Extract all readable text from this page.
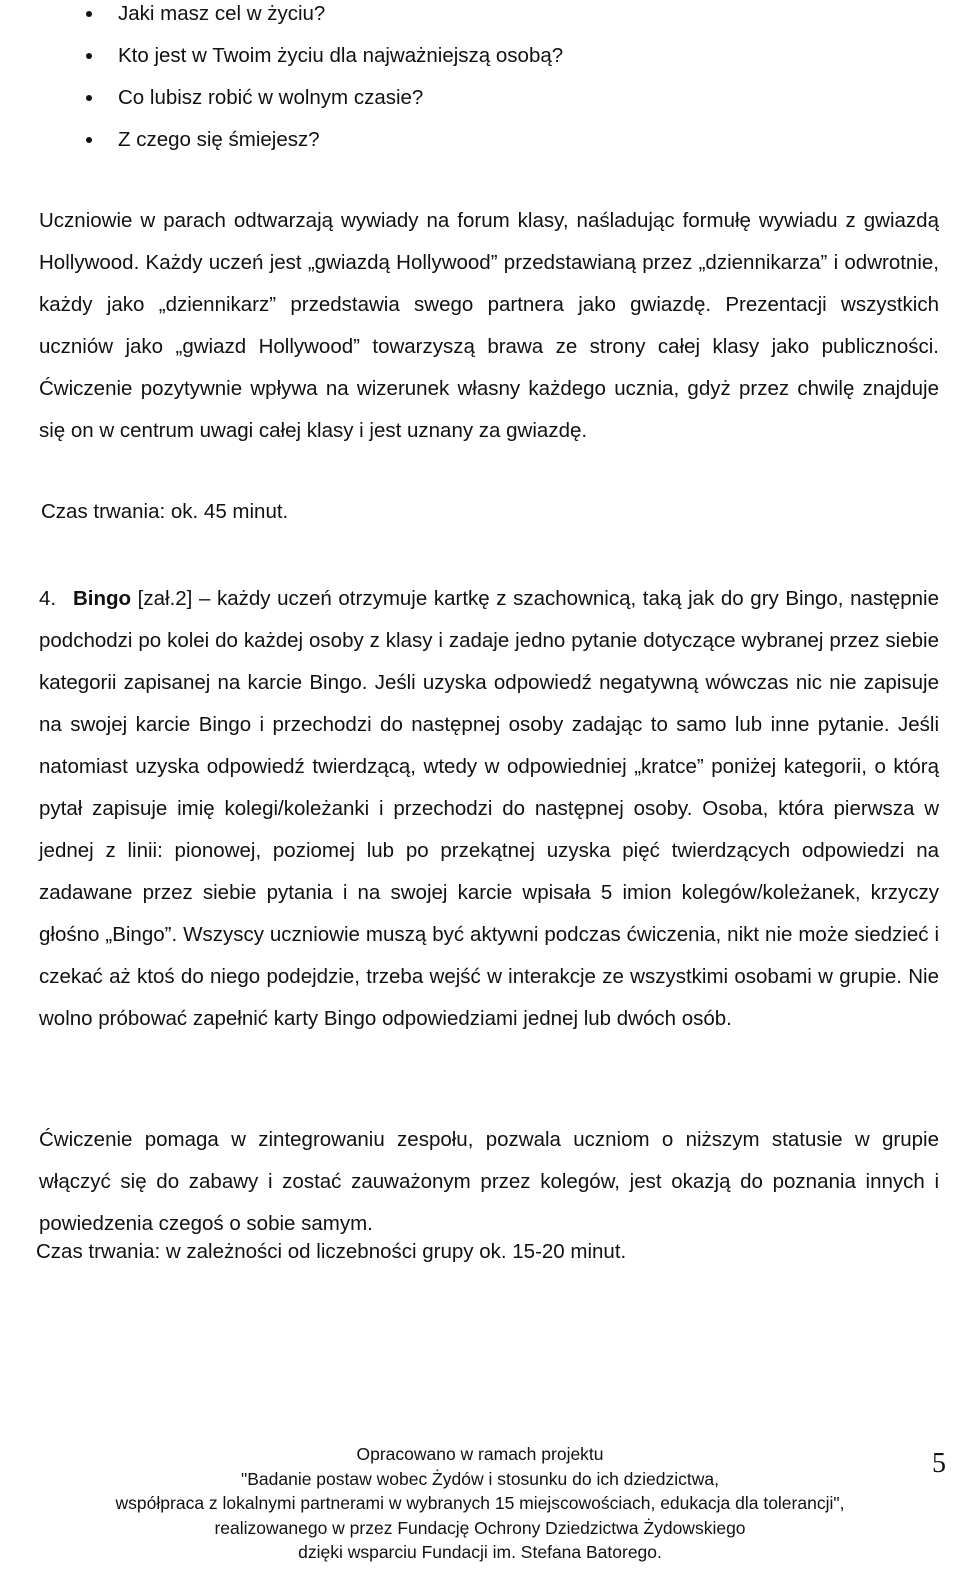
Jaki masz cel w życiu?
Kto jest w Twoim życiu dla najważniejszą osobą?
Co lubisz robić w wolnym czasie?
Z czego się śmiejesz?

Uczniowie w parach odtwarzają wywiady na forum klasy, naśladując formułę wywiadu z gwiazdą Hollywood. Każdy uczeń jest „gwiazdą Hollywood” przedstawianą przez „dziennikarza” i odwrotnie, każdy jako „dziennikarz” przedstawia swego partnera jako gwiazdę. Prezentacji wszystkich uczniów jako „gwiazd Hollywood” towarzyszą brawa ze strony całej klasy jako publiczności. Ćwiczenie pozytywnie wpływa na wizerunek własny każdego ucznia, gdyż przez chwilę znajduje się on w centrum uwagi całej klasy i jest uznany za gwiazdę.

Czas trwania: ok. 45 minut.

4. Bingo [zał.2] – każdy uczeń otrzymuje kartkę z szachownicą, taką jak do gry Bingo, następnie podchodzi po kolei do każdej osoby z klasy i zadaje jedno pytanie dotyczące wybranej przez siebie kategorii zapisanej na karcie Bingo. Jeśli uzyska odpowiedź negatywną wówczas nic nie zapisuje na swojej karcie Bingo i przechodzi do następnej osoby zadając to samo lub inne pytanie. Jeśli natomiast uzyska odpowiedź twierdzącą, wtedy w odpowiedniej „kratce” poniżej kategorii, o którą pytał zapisuje imię kolegi/koleżanki i przechodzi do następnej osoby. Osoba, która pierwsza w jednej z linii: pionowej, poziomej lub po przekątnej uzyska pięć twierdzących odpowiedzi na zadawane przez siebie pytania i na swojej karcie wpisała 5 imion kolegów/koleżanek, krzyczy głośno „Bingo”. Wszyscy uczniowie muszą być aktywni podczas ćwiczenia, nikt nie może siedzieć i czekać aż ktoś do niego podejdzie, trzeba wejść w interakcje ze wszystkimi osobami w grupie. Nie wolno próbować zapełnić karty Bingo odpowiedziami jednej lub dwóch osób.

Ćwiczenie pomaga w zintegrowaniu zespołu, pozwala uczniom o niższym statusie w grupie włączyć się do zabawy i zostać zauważonym przez kolegów, jest okazją do poznania innych i powiedzenia czegoś o sobie samym.

Czas trwania: w zależności od liczebności grupy ok. 15-20 minut.

Opracowano w ramach projektu
"Badanie postaw wobec Żydów i stosunku do ich dziedzictwa,
współpraca z lokalnymi partnerami w wybranych 15 miejscowościach, edukacja dla tolerancji",
realizowanego w przez Fundację Ochrony Dziedzictwa Żydowskiego
dzięki wsparciu Fundacji im. Stefana Batorego.
5
